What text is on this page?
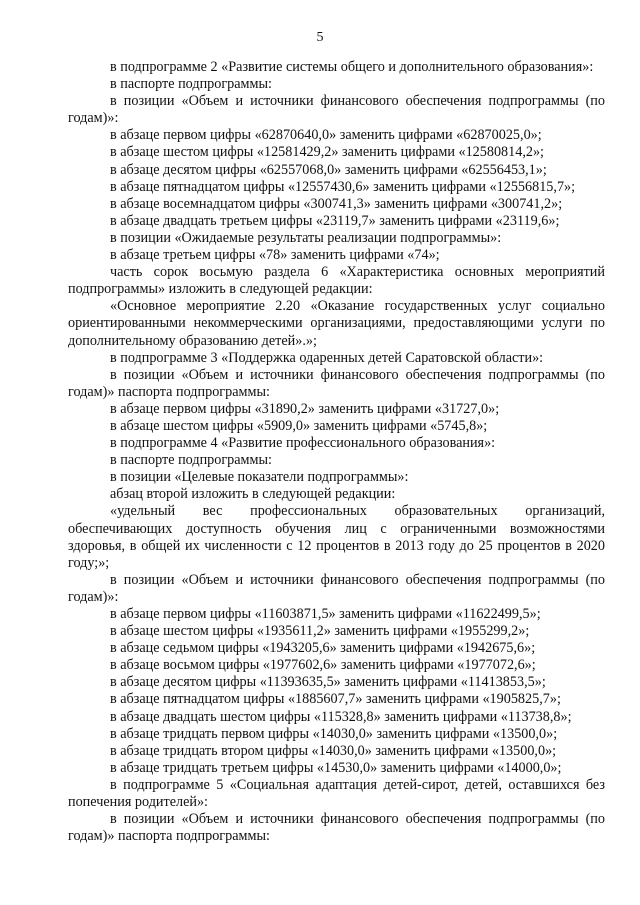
5

в подпрограмме 2 «Развитие системы общего и дополнительного образования»:

в паспорте подпрограммы:

в позиции «Объем и источники финансового обеспечения подпрограммы (по годам)»:

в абзаце первом цифры «62870640,0» заменить цифрами «62870025,0»;

в абзаце шестом цифры «12581429,2» заменить цифрами «12580814,2»;

в абзаце десятом цифры «62557068,0» заменить цифрами «62556453,1»;

в абзаце пятнадцатом цифры «12557430,6» заменить цифрами «12556815,7»;

в абзаце восемнадцатом цифры «300741,3» заменить цифрами «300741,2»;

в абзаце двадцать третьем цифры «23119,7» заменить цифрами «23119,6»;

в позиции «Ожидаемые результаты реализации подпрограммы»:

в абзаце третьем цифры «78» заменить цифрами «74»;

часть сорок восьмую раздела 6 «Характеристика основных мероприятий подпрограммы» изложить в следующей редакции:

«Основное мероприятие 2.20 «Оказание государственных услуг социально ориентированными некоммерческими организациями, предоставляющими услуги по дополнительному образованию детей».»;

в подпрограмме 3 «Поддержка одаренных детей Саратовской области»:

в позиции «Объем и источники финансового обеспечения подпрограммы (по годам)» паспорта подпрограммы:

в абзаце первом цифры «31890,2» заменить цифрами «31727,0»;

в абзаце шестом цифры «5909,0» заменить цифрами «5745,8»;

в подпрограмме 4 «Развитие профессионального образования»:

в паспорте подпрограммы:

в позиции «Целевые показатели подпрограммы»:

абзац второй изложить в следующей редакции:

«удельный вес профессиональных образовательных организаций, обеспечивающих доступность обучения лиц с ограниченными возможностями здоровья, в общей их численности с 12 процентов в 2013 году до 25 процентов в 2020 году;»;

в позиции «Объем и источники финансового обеспечения подпрограммы (по годам)»:

в абзаце первом цифры «11603871,5» заменить цифрами «11622499,5»;

в абзаце шестом цифры «1935611,2» заменить цифрами «1955299,2»;

в абзаце седьмом цифры «1943205,6» заменить цифрами «1942675,6»;

в абзаце восьмом цифры «1977602,6» заменить цифрами «1977072,6»;

в абзаце десятом цифры «11393635,5» заменить цифрами «11413853,5»;

в абзаце пятнадцатом цифры «1885607,7» заменить цифрами «1905825,7»;

в абзаце двадцать шестом цифры «115328,8» заменить цифрами «113738,8»;

в абзаце тридцать первом цифры «14030,0» заменить цифрами «13500,0»;

в абзаце тридцать втором цифры «14030,0» заменить цифрами «13500,0»;

в абзаце тридцать третьем цифры «14530,0» заменить цифрами «14000,0»;

в подпрограмме 5 «Социальная адаптация детей-сирот, детей, оставшихся без попечения родителей»:

в позиции «Объем и источники финансового обеспечения подпрограммы (по годам)» паспорта подпрограммы:
